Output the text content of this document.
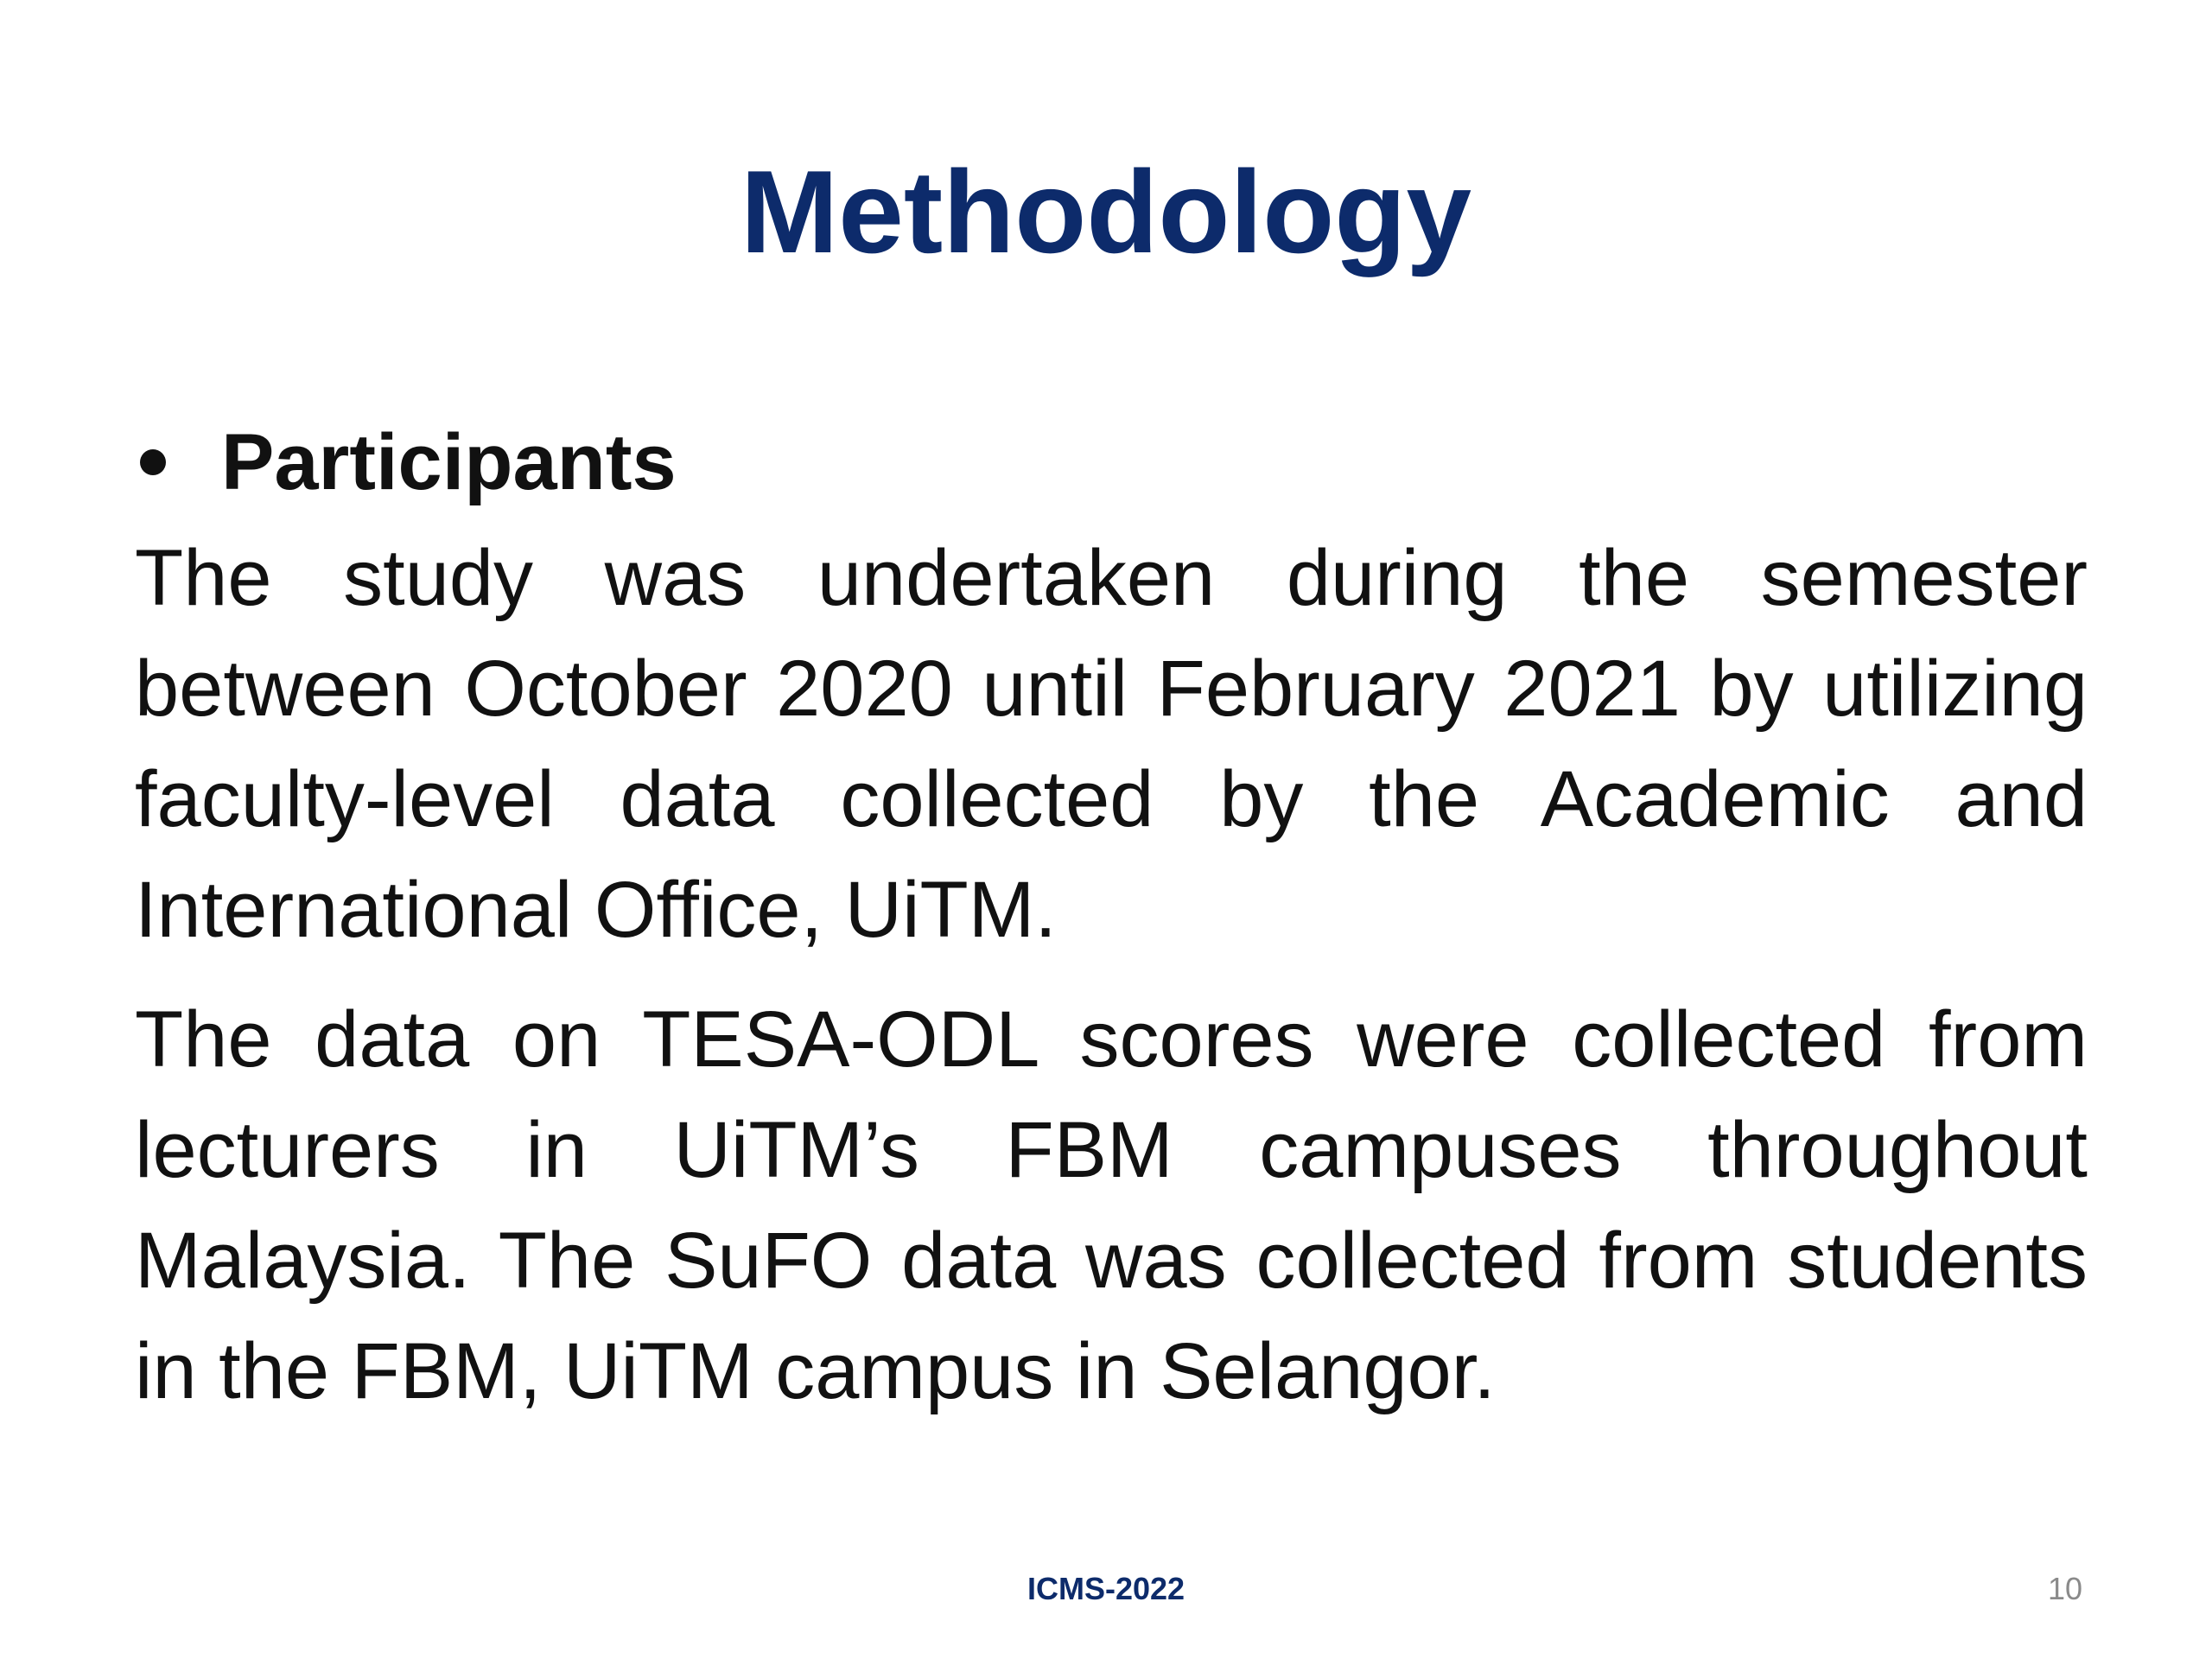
Methodology
Participants

The study was undertaken during the semester between October 2020 until February 2021 by utilizing faculty-level data collected by the Academic and International Office, UiTM.

The data on TESA-ODL scores were collected from lecturers in UiTM’s FBM campuses throughout Malaysia. The SuFO data was collected from students in the FBM, UiTM campus in Selangor.

ICMS-2022	10
